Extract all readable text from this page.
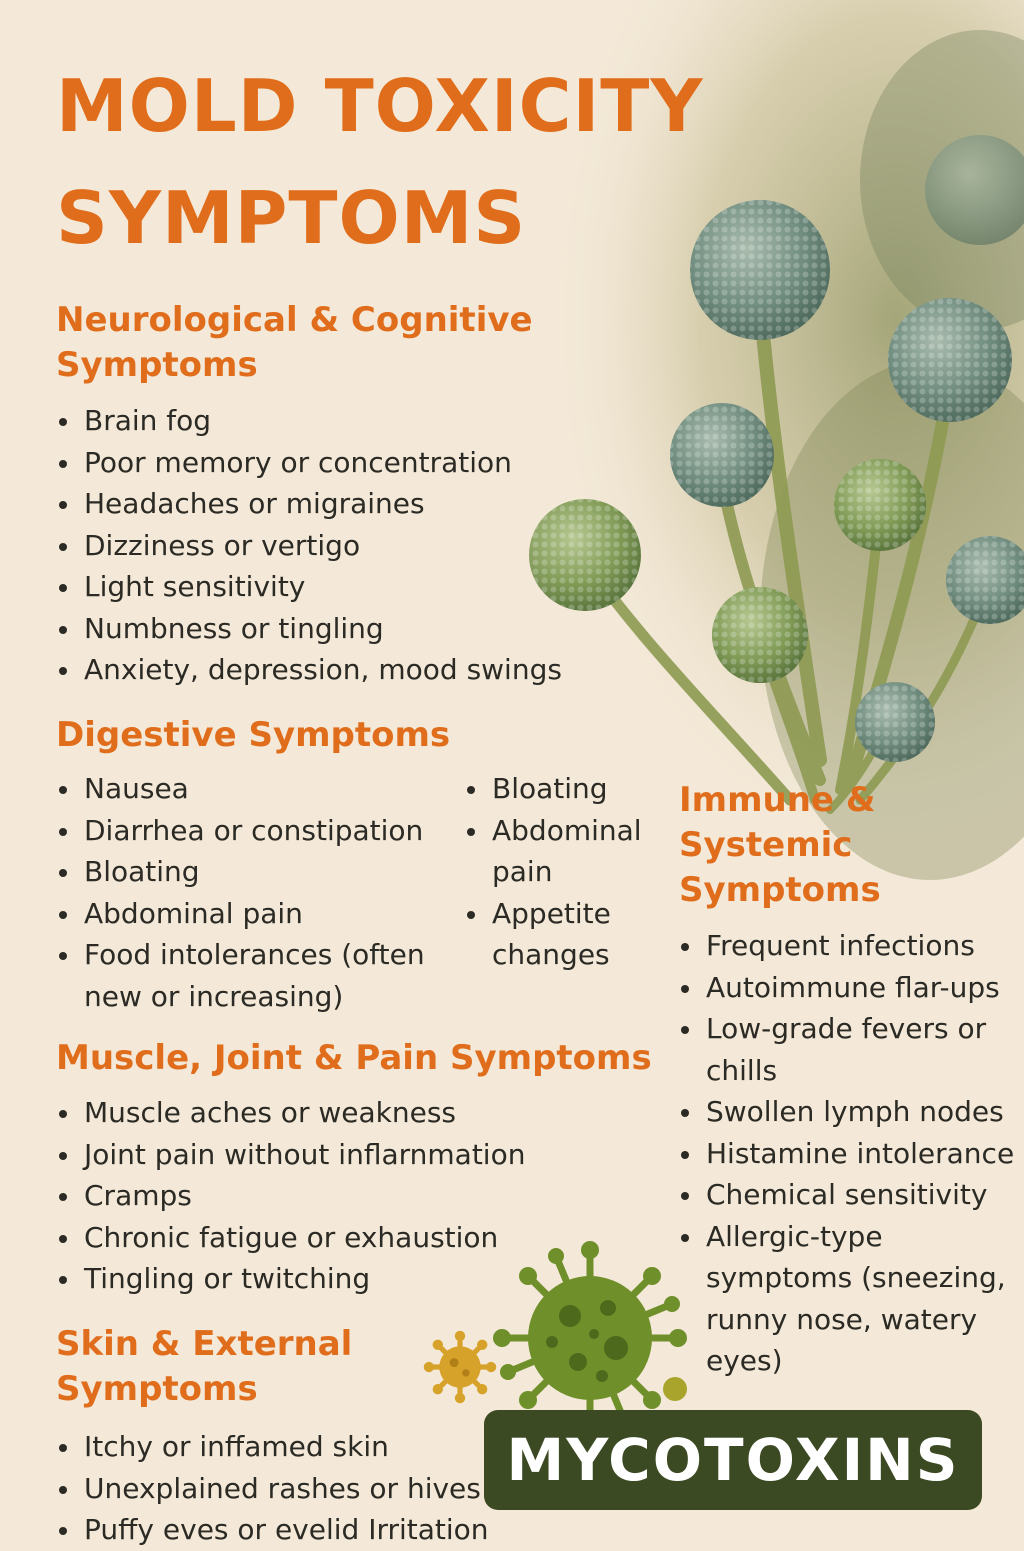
MOLD TOXICITY
SYMPTOMS
Neurological & Cognitive
Symptoms
Brain fog
Poor memory or concentration
Headaches or migraines
Dizziness or vertigo
Light sensitivity
Numbness or tingling
Anxiety, depression, mood swings
Digestive Symptoms
Nausea
Diarrhea or constipation
Bloating
Abdominal pain
Food intolerances (often new or increasing)
Bloating
Abdominal pain
Appetite changes
Muscle, Joint & Pain Symptoms
Muscle aches or weakness
Joint pain without inflarnmation
Cramps
Chronic fatigue or exhaustion
Tingling or twitching
Skin & External
Symptoms
Itchy or inffamed skin
Unexplained rashes or hives
Puffy eves or evelid Irritation
Immune &
Systemic
Symptoms
Frequent infections
Autoimmune flar-ups
Low-grade fevers or chills
Swollen lymph nodes
Histamine intolerance
Chemical sensitivity
Allergic-type symptoms (sneezing, runny nose, watery eyes)
MYCOTOXINS
